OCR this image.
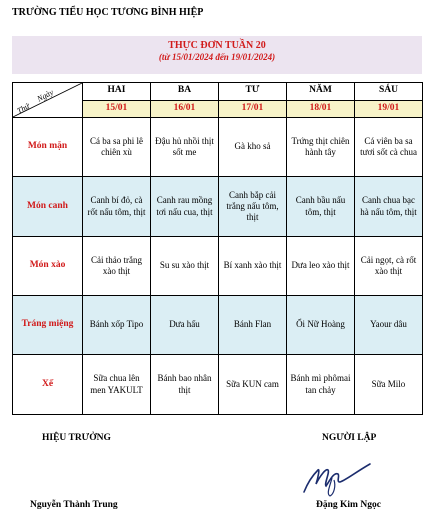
TRƯỜNG TIỂU HỌC TƯƠNG BÌNH HIỆP
THỰC ĐƠN TUẦN 20
(từ 15/01/2024 đến 19/01/2024)
Ngày
Thứ	HAI	BA	TƯ	NĂM	SÁU
	15/01	16/01	17/01	18/01	19/01
Món mặn	Cá ba sa phi lê chiên xù	Đậu hủ nhồi thịt sốt me	Gà kho sả	Trứng thịt chiên hành tây	Cá viên ba sa tươi sốt cà chua
Món canh	Canh bí đỏ, cà rốt nấu tôm, thịt	Canh rau mồng tơi nấu cua, thịt	Canh bắp cải trắng nấu tôm, thịt	Canh bầu nấu tôm, thịt	Canh chua bạc hà nấu tôm, thịt
Món xào	Cải thảo trắng xào thịt	Su su xào thịt	Bí xanh xào thịt	Dưa leo xào thịt	Cải ngọt, cà rốt xào thịt
Tráng miệng	Bánh xốp Tipo	Dưa hấu	Bánh Flan	Ổi Nữ Hoàng	Yaour dâu
Xế	Sữa chua lên men YAKULT	Bánh bao nhân thịt	Sữa KUN cam	Bánh mì phômai tan chảy	Sữa Milo
HIỆU TRƯỞNG	NGƯỜI LẬP
Nguyễn Thành Trung	Đặng Kim Ngọc
